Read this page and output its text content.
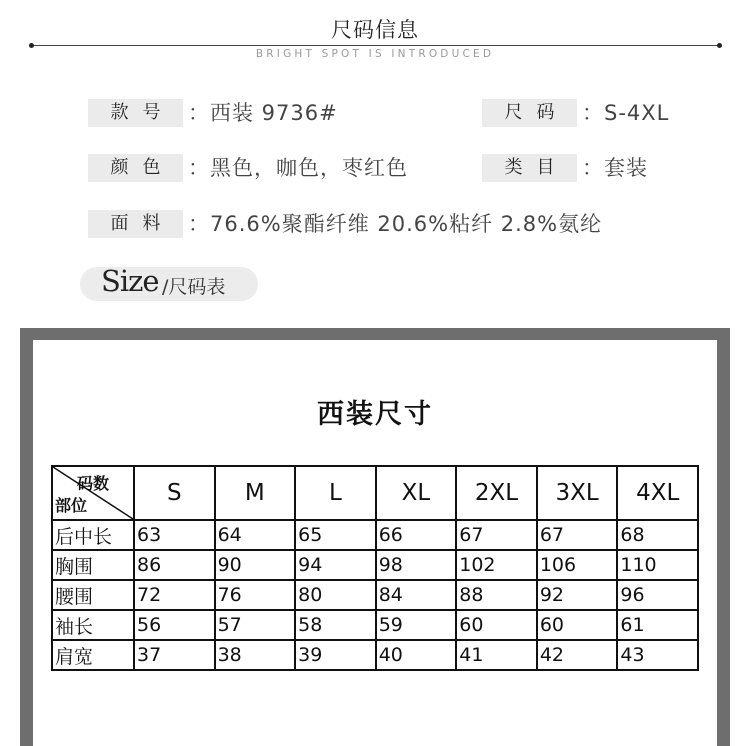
尺码信息
BRIGHT SPOT IS INTRODUCED
款号 ：西装 9736#	尺码 ：S-4XL
颜色 ：黑色，咖色，枣红色	类目 ：套装
面料 ：76.6%聚酯纤维 20.6%粘纤 2.8%氨纶
Size /尺码表
西装尺寸
码数
部位	S	M	L	XL	2XL	3XL	4XL
后中长	63	64	65	66	67	67	68
胸围	86	90	94	98	102	106	110
腰围	72	76	80	84	88	92	96
袖长	56	57	58	59	60	60	61
肩宽	37	38	39	40	41	42	43
